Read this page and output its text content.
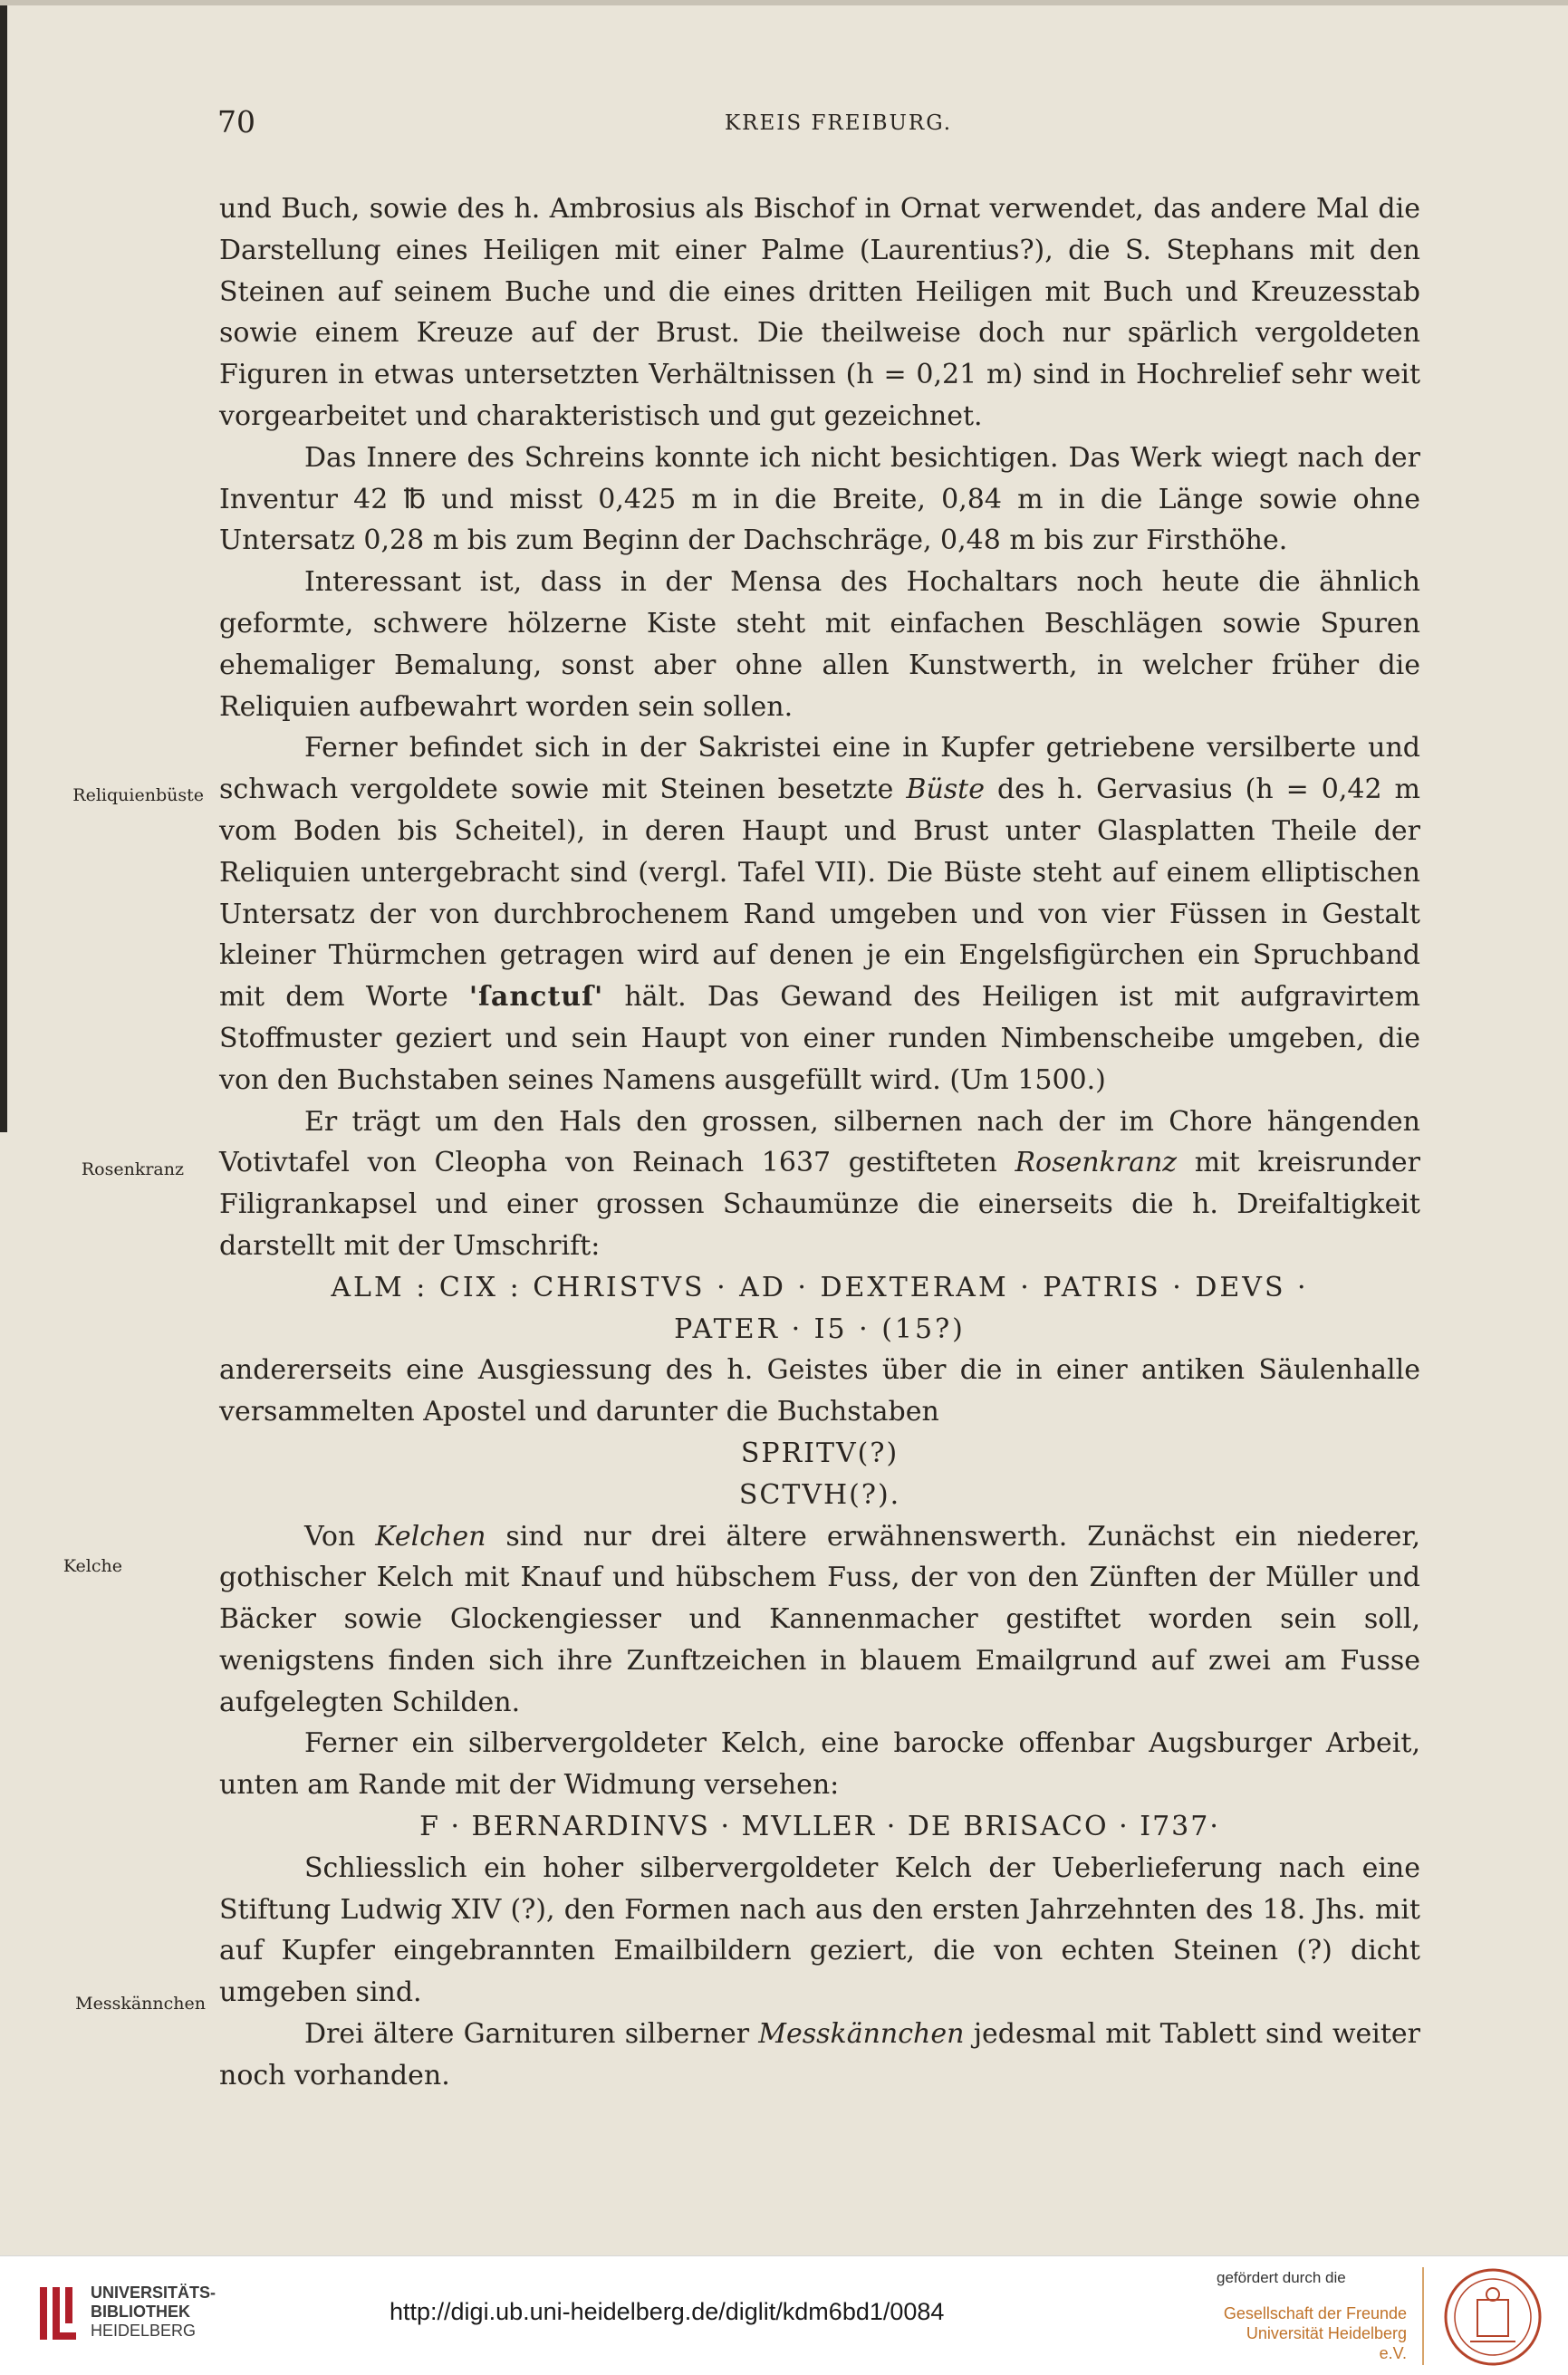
70	KREIS FREIBURG.
Reliquienbüste
Rosenkranz
Kelche
Messkännchen

und Buch, sowie des h. Ambrosius als Bischof in Ornat verwendet, das andere Mal die Darstellung eines Heiligen mit einer Palme (Laurentius?), die S. Stephans mit den Steinen auf seinem Buche und die eines dritten Heiligen mit Buch und Kreuzesstab sowie einem Kreuze auf der Brust. Die theilweise doch nur spärlich vergoldeten Figuren in etwas untersetzten Verhältnissen (h = 0,21 m) sind in Hochrelief sehr weit vorgearbeitet und charakteristisch und gut gezeichnet.

Das Innere des Schreins konnte ich nicht besichtigen. Das Werk wiegt nach der Inventur 42 ℔ und misst 0,425 m in die Breite, 0,84 m in die Länge sowie ohne Untersatz 0,28 m bis zum Beginn der Dachschräge, 0,48 m bis zur Firsthöhe.

Interessant ist, dass in der Mensa des Hochaltars noch heute die ähnlich geformte, schwere hölzerne Kiste steht mit einfachen Beschlägen sowie Spuren ehemaliger Bemalung, sonst aber ohne allen Kunstwerth, in welcher früher die Reliquien aufbewahrt worden sein sollen.

Ferner befindet sich in der Sakristei eine in Kupfer getriebene versilberte und schwach vergoldete sowie mit Steinen besetzte Büste des h. Gervasius (h = 0,42 m vom Boden bis Scheitel), in deren Haupt und Brust unter Glasplatten Theile der Reliquien untergebracht sind (vergl. Tafel VII). Die Büste steht auf einem elliptischen Untersatz der von durchbrochenem Rand umgeben und von vier Füssen in Gestalt kleiner Thürmchen getragen wird auf denen je ein Engelsfigürchen ein Spruchband mit dem Worte 'ſanctuſ' hält. Das Gewand des Heiligen ist mit aufgravirtem Stoffmuster geziert und sein Haupt von einer runden Nimbenscheibe umgeben, die von den Buchstaben seines Namens ausgefüllt wird. (Um 1500.)

Er trägt um den Hals den grossen, silbernen nach der im Chore hängenden Votivtafel von Cleopha von Reinach 1637 gestifteten Rosenkranz mit kreisrunder Filigrankapsel und einer grossen Schaumünze die einerseits die h. Dreifaltigkeit darstellt mit der Umschrift:

ALM : CIX : CHRISTVS · AD · DEXTERAM · PATRIS · DEVS ·

PATER · I5 · (15?)

andererseits eine Ausgiessung des h. Geistes über die in einer antiken Säulenhalle versammelten Apostel und darunter die Buchstaben

SPRITV(?)

SCTVH(?).

Von Kelchen sind nur drei ältere erwähnenswerth. Zunächst ein niederer, gothischer Kelch mit Knauf und hübschem Fuss, der von den Zünften der Müller und Bäcker sowie Glockengiesser und Kannenmacher gestiftet worden sein soll, wenigstens finden sich ihre Zunftzeichen in blauem Emailgrund auf zwei am Fusse aufgelegten Schilden.

Ferner ein silbervergoldeter Kelch, eine barocke offenbar Augsburger Arbeit, unten am Rande mit der Widmung versehen:

F · BERNARDINVS · MVLLER · DE BRISACO · I737·

Schliesslich ein hoher silbervergoldeter Kelch der Ueberlieferung nach eine Stiftung Ludwig XIV (?), den Formen nach aus den ersten Jahrzehnten des 18. Jhs. mit auf Kupfer eingebrannten Emailbildern geziert, die von echten Steinen (?) dicht umgeben sind.

Drei ältere Garnituren silberner Messkännchen jedesmal mit Tablett sind weiter noch vorhanden.

UNIVERSITÄTS-
BIBLIOTHEK
HEIDELBERG
http://digi.ub.uni-heidelberg.de/diglit/kdm6bd1/0084
gefördert durch die
Gesellschaft der Freunde
Universität Heidelberg e.V.
